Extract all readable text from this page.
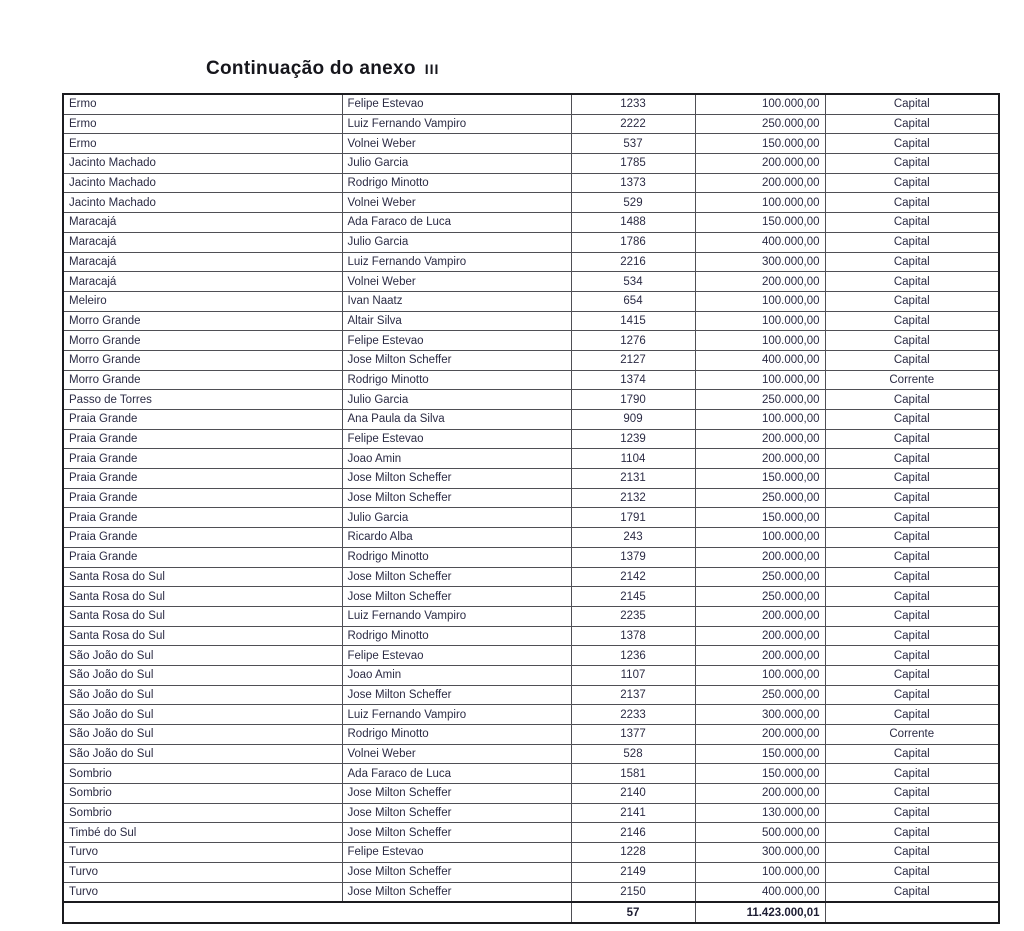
Continuação do anexo III
Ermo	Felipe Estevao	1233	100.000,00	Capital
Ermo	Luiz Fernando Vampiro	2222	250.000,00	Capital
Ermo	Volnei Weber	537	150.000,00	Capital
Jacinto Machado	Julio Garcia	1785	200.000,00	Capital
Jacinto Machado	Rodrigo Minotto	1373	200.000,00	Capital
Jacinto Machado	Volnei Weber	529	100.000,00	Capital
Maracajá	Ada Faraco de Luca	1488	150.000,00	Capital
Maracajá	Julio Garcia	1786	400.000,00	Capital
Maracajá	Luiz Fernando Vampiro	2216	300.000,00	Capital
Maracajá	Volnei Weber	534	200.000,00	Capital
Meleiro	Ivan Naatz	654	100.000,00	Capital
Morro Grande	Altair Silva	1415	100.000,00	Capital
Morro Grande	Felipe Estevao	1276	100.000,00	Capital
Morro Grande	Jose Milton Scheffer	2127	400.000,00	Capital
Morro Grande	Rodrigo Minotto	1374	100.000,00	Corrente
Passo de Torres	Julio Garcia	1790	250.000,00	Capital
Praia Grande	Ana Paula da Silva	909	100.000,00	Capital
Praia Grande	Felipe Estevao	1239	200.000,00	Capital
Praia Grande	Joao Amin	1104	200.000,00	Capital
Praia Grande	Jose Milton Scheffer	2131	150.000,00	Capital
Praia Grande	Jose Milton Scheffer	2132	250.000,00	Capital
Praia Grande	Julio Garcia	1791	150.000,00	Capital
Praia Grande	Ricardo Alba	243	100.000,00	Capital
Praia Grande	Rodrigo Minotto	1379	200.000,00	Capital
Santa Rosa do Sul	Jose Milton Scheffer	2142	250.000,00	Capital
Santa Rosa do Sul	Jose Milton Scheffer	2145	250.000,00	Capital
Santa Rosa do Sul	Luiz Fernando Vampiro	2235	200.000,00	Capital
Santa Rosa do Sul	Rodrigo Minotto	1378	200.000,00	Capital
São João do Sul	Felipe Estevao	1236	200.000,00	Capital
São João do Sul	Joao Amin	1107	100.000,00	Capital
São João do Sul	Jose Milton Scheffer	2137	250.000,00	Capital
São João do Sul	Luiz Fernando Vampiro	2233	300.000,00	Capital
São João do Sul	Rodrigo Minotto	1377	200.000,00	Corrente
São João do Sul	Volnei Weber	528	150.000,00	Capital
Sombrio	Ada Faraco de Luca	1581	150.000,00	Capital
Sombrio	Jose Milton Scheffer	2140	200.000,00	Capital
Sombrio	Jose Milton Scheffer	2141	130.000,00	Capital
Timbé do Sul	Jose Milton Scheffer	2146	500.000,00	Capital
Turvo	Felipe Estevao	1228	300.000,00	Capital
Turvo	Jose Milton Scheffer	2149	100.000,00	Capital
Turvo	Jose Milton Scheffer	2150	400.000,00	Capital
		57	11.423.000,01	
